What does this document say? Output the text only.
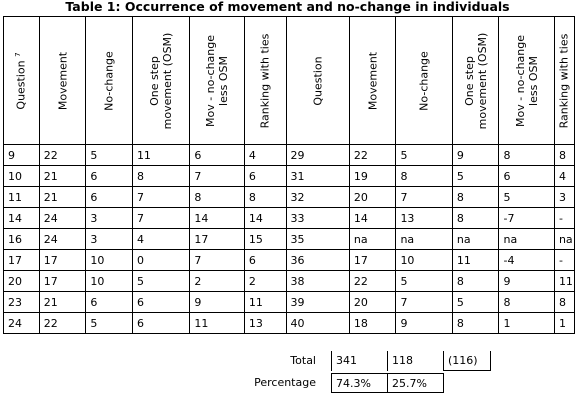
Table 1: Occurrence of movement and no-change in individuals
Question $^7$	Movement	No-change	One step movement (OSM)	Mov - no-change less OSM	Ranking with ties	Question	Movement	No-change	One step movement (OSM)	Mov - no-change less OSM	Ranking with ties

9	22	5	11	6	4	29	22	5	9	8	8
10	21	6	8	7	6	31	19	8	5	6	4
11	21	6	7	8	8	32	20	7	8	5	3
14	24	3	7	14	14	33	14	13	8	-7	-
16	24	3	4	17	15	35	na	na	na	na	na
17	17	10	0	7	6	36	17	10	11	-4	-
20	17	10	5	2	2	38	22	5	8	9	11
23	21	6	6	9	11	39	20	7	5	8	8
24	22	5	6	11	13	40	18	9	8	1	1
Total	341	118	(116)
Percentage	74.3%	25.7%
